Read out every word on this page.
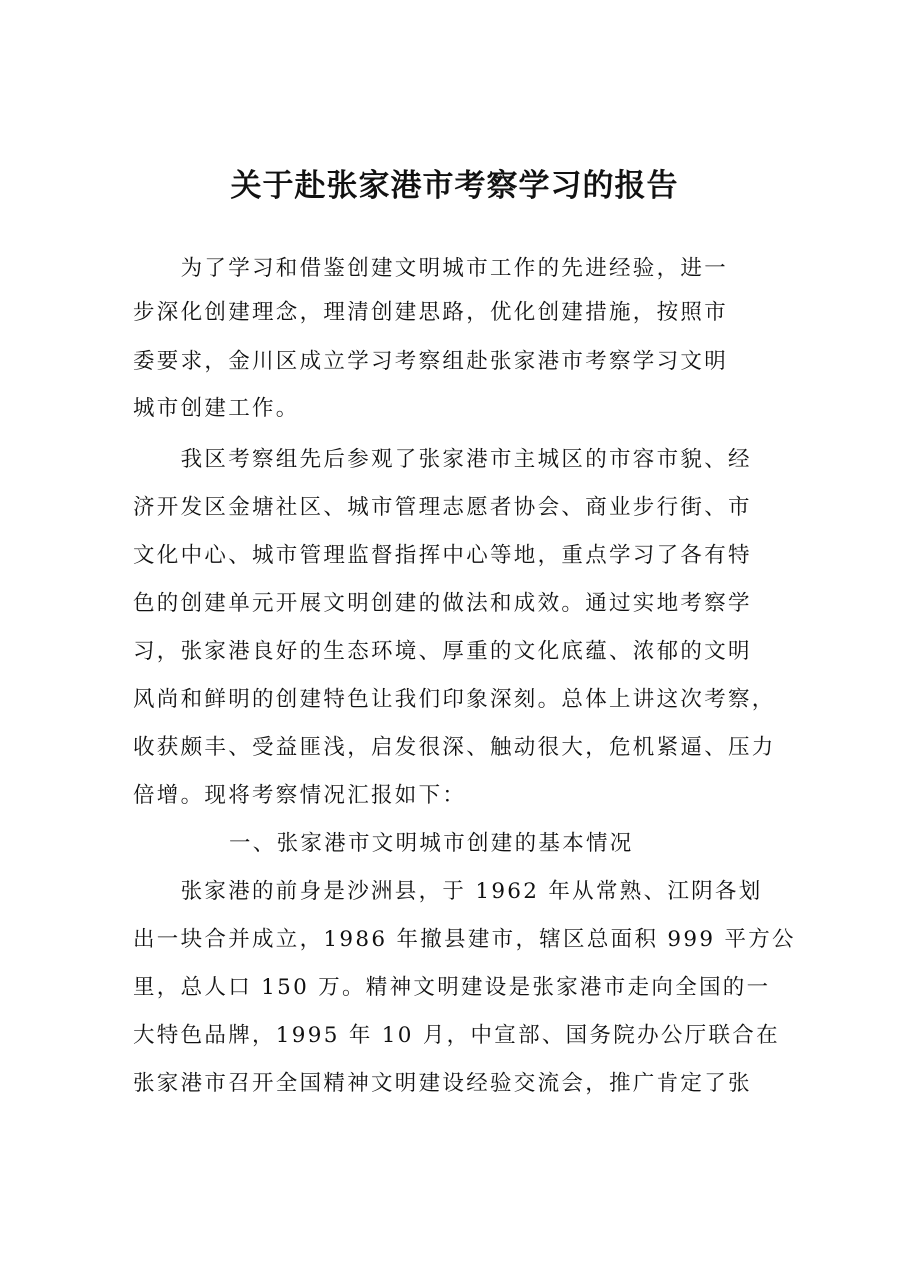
关于赴张家港市考察学习的报告
　　为了学习和借鉴创建文明城市工作的先进经验，进一
步深化创建理念，理清创建思路，优化创建措施，按照市
委要求，金川区成立学习考察组赴张家港市考察学习文明
城市创建工作。
　　我区考察组先后参观了张家港市主城区的市容市貌、经
济开发区金塘社区、城市管理志愿者协会、商业步行街、市
文化中心、城市管理监督指挥中心等地，重点学习了各有特
色的创建单元开展文明创建的做法和成效。通过实地考察学
习，张家港良好的生态环境、厚重的文化底蕴、浓郁的文明
风尚和鲜明的创建特色让我们印象深刻。总体上讲这次考察，
收获颇丰、受益匪浅，启发很深、触动很大，危机紧逼、压力
倍增。现将考察情况汇报如下：
一、张家港市文明城市创建的基本情况
　　张家港的前身是沙洲县，于 1962 年从常熟、江阴各划
出一块合并成立，1986 年撤县建市，辖区总面积 999 平方公
里，总人口 150 万。精神文明建设是张家港市走向全国的一
大特色品牌，1995 年 10 月，中宣部、国务院办公厅联合在
张家港市召开全国精神文明建设经验交流会，推广肯定了张
